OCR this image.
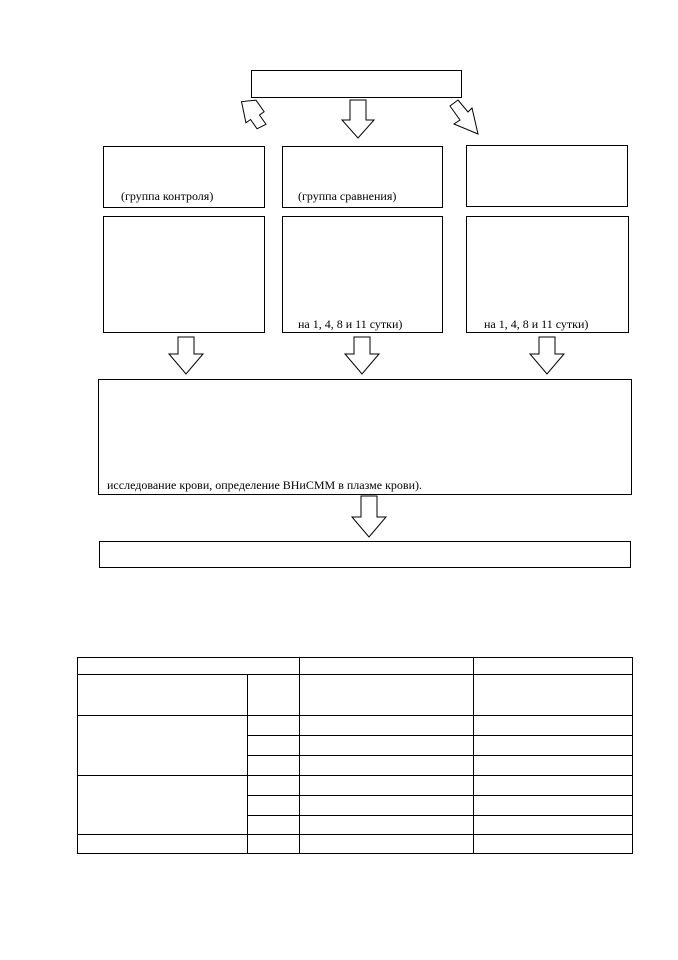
(группа контроля)	(группа сравнения)
на 1, 4, 8 и 11 сутки)	на 1, 4, 8 и 11 сутки)
исследование крови, определение ВНиСММ в плазме крови).
